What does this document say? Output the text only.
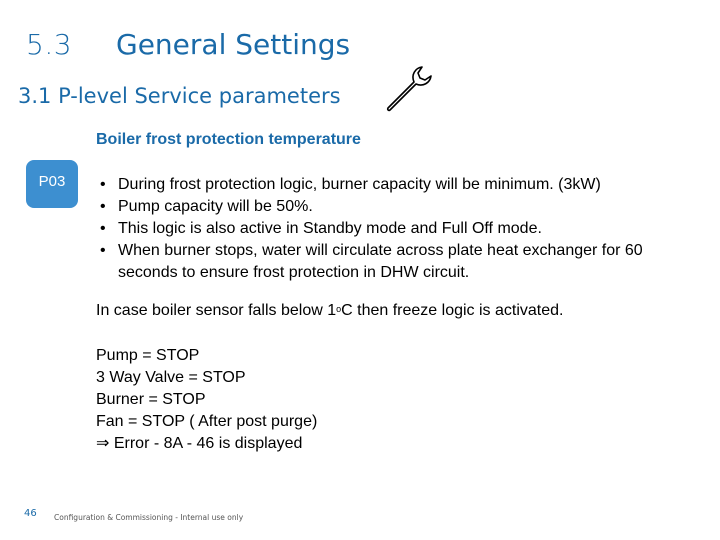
5.3 General Settings
3.1 P-level Service parameters
Boiler frost protection temperature
P03	• During frost protection logic, burner capacity will be minimum. (3kW)
• Pump capacity will be 50%.
• This logic is also active in Standby mode and Full Off mode.
• When burner stops, water will circulate across plate heat exchanger for 60 seconds to ensure frost protection in DHW circuit.
In case boiler sensor falls below 1$^o$C then freeze logic is activated.
Pump = STOP
3 Way Valve = STOP
Burner = STOP
Fan = STOP ( After post purge)
⇒ Error - 8A - 46 is displayed
46 Configuration & Commissioning - Internal use only
